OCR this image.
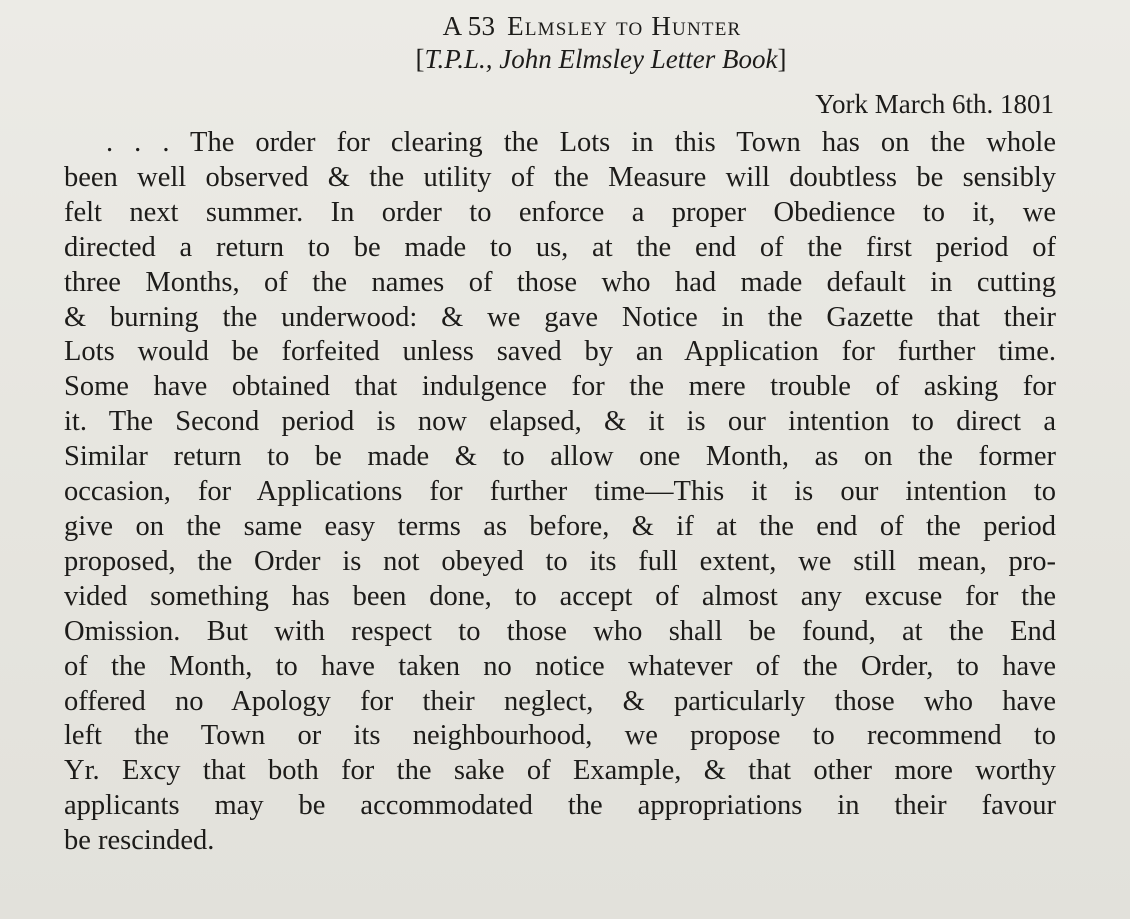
A 53 Elmsley to Hunter
[T.P.L., John Elmsley Letter Book]
York March 6th. 1801
. . . The order for clearing the Lots in this Town has on the whole
been well observed & the utility of the Measure will doubtless be sensibly
felt next summer. In order to enforce a proper Obedience to it, we
directed a return to be made to us, at the end of the first period of
three Months, of the names of those who had made default in cutting
& burning the underwood: & we gave Notice in the Gazette that their
Lots would be forfeited unless saved by an Application for further time.
Some have obtained that indulgence for the mere trouble of asking for
it. The Second period is now elapsed, & it is our intention to direct a
Similar return to be made & to allow one Month, as on the former
occasion, for Applications for further time—This it is our intention to
give on the same easy terms as before, & if at the end of the period
proposed, the Order is not obeyed to its full extent, we still mean, pro-
vided something has been done, to accept of almost any excuse for the
Omission. But with respect to those who shall be found, at the End
of the Month, to have taken no notice whatever of the Order, to have
offered no Apology for their neglect, & particularly those who have
left the Town or its neighbourhood, we propose to recommend to
Yr. Excy that both for the sake of Example, & that other more worthy
applicants may be accommodated the appropriations in their favour
be rescinded.
